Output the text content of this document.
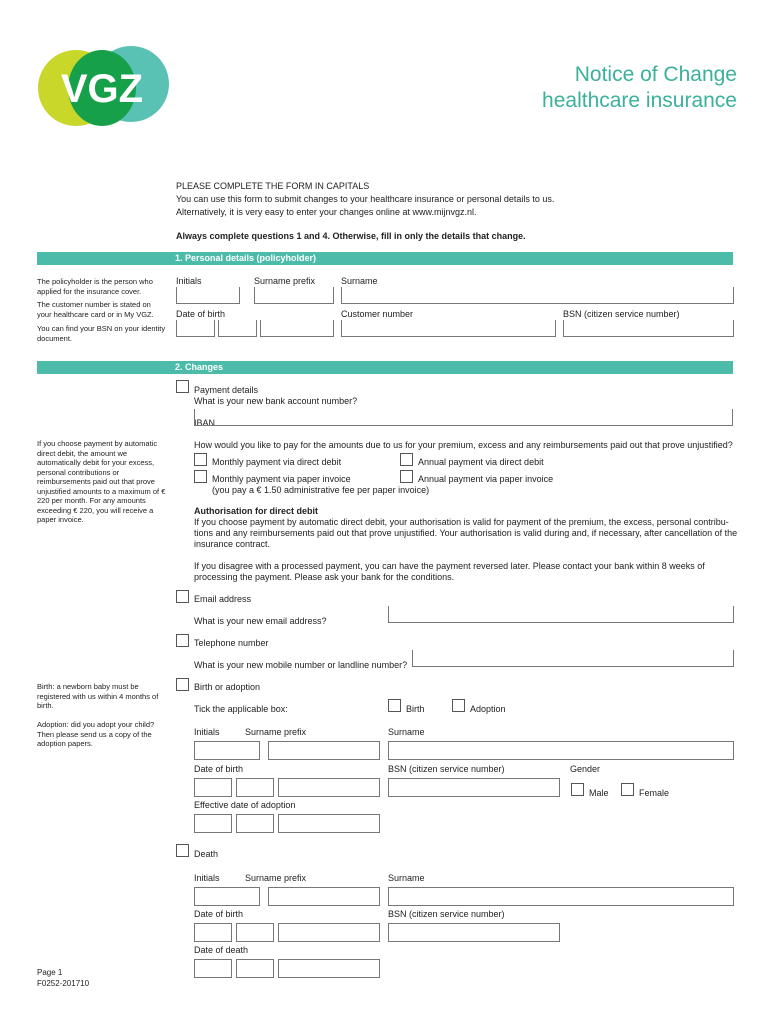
VGZ	Notice of Change
healthcare insurance
PLEASE COMPLETE THE FORM IN CAPITALS
You can use this form to submit changes to your healthcare insurance or personal details to us.
Alternatively, it is very easy to enter your changes online at www.mijnvgz.nl.
Always complete questions 1 and 4. Otherwise, fill in only the details that change.
1. Personal details (policyholder)
The policyholder is the person who applied for the insurance cover.
The customer number is stated on your healthcare card or in My VGZ.
You can find your BSN on your identity document.
Initials	Surname prefix	Surname
Date of birth	Customer number	BSN (citizen service number)
2. Changes
Payment details
What is your new bank account number?
IBAN
If you choose payment by automatic direct debit, the amount we automatically debit for your excess, personal contributions or reimbursements paid out that prove unjustified amounts to a maximum of € 220 per month. For any amounts exceeding € 220, you will receive a paper invoice.
How would you like to pay for the amounts due to us for your premium, excess and any reimbursements paid out that prove unjustified?
Monthly payment via direct debit	Annual payment via direct debit
Monthly payment via paper invoice	Annual payment via paper invoice
(you pay a € 1.50 administrative fee per paper invoice)
Authorisation for direct debit
If you choose payment by automatic direct debit, your authorisation is valid for payment of the premium, the excess, personal contribu-
tions and any reimbursements paid out that prove unjustified. Your authorisation is valid during and, if necessary, after cancellation of the
insurance contract.
If you disagree with a processed payment, you can have the payment reversed later. Please contact your bank within 8 weeks of
processing the payment. Please ask your bank for the conditions.
Email address
What is your new email address?
Telephone number
What is your new mobile number or landline number?
Birth: a newborn baby must be registered with us within 4 months of birth.
Adoption: did you adopt your child? Then please send us a copy of the adoption papers.
Birth or adoption
Tick the applicable box:	Birth	Adoption
Initials	Surname prefix	Surname
Date of birth	BSN (citizen service number)	Gender
Male	Female
Effective date of adoption
Death
Initials	Surname prefix	Surname
Date of birth	BSN (citizen service number)
Date of death
Page 1
F0252-201710
